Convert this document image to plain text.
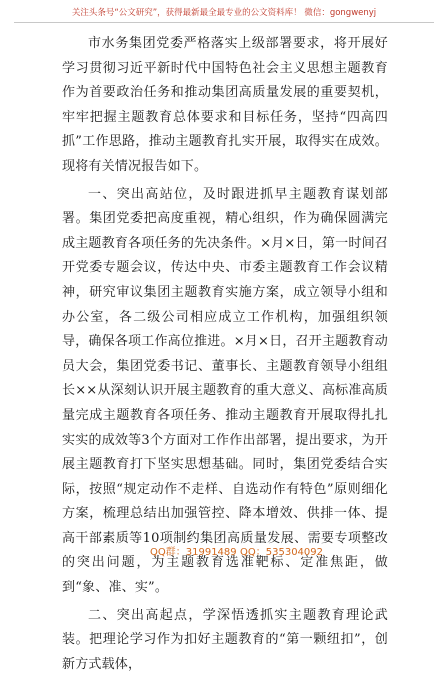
关注头条号“公文研究”，获得最新最全最专业的公文资料库！ 微信：gongwenyj

市水务集团党委严格落实上级部署要求，将开展好学习贯彻习近平新时代中国特色社会主义思想主题教育作为首要政治任务和推动集团高质量发展的重要契机，牢牢把握主题教育总体要求和目标任务，坚持“四高四抓”工作思路，推动主题教育扎实开展，取得实在成效。现将有关情况报告如下。

一、突出高站位，及时跟进抓早主题教育谋划部署。集团党委把高度重视，精心组织，作为确保圆满完成主题教育各项任务的先决条件。×月×日，第一时间召开党委专题会议，传达中央、市委主题教育工作会议精神，研究审议集团主题教育实施方案，成立领导小组和办公室，各二级公司相应成立工作机构，加强组织领导，确保各项工作高位推进。×月×日，召开主题教育动员大会，集团党委书记、董事长、主题教育领导小组组长××从深刻认识开展主题教育的重大意义、高标准高质量完成主题教育各项任务、推动主题教育开展取得扎扎实实的成效等3个方面对工作作出部署，提出要求，为开展主题教育打下坚实思想基础。同时，集团党委结合实际，按照“规定动作不走样、自选动作有特色”原则细化方案，梳理总结出加强管控、降本增效、供排一体、提高干部素质等10项制约集团高质量发展、需要专项整改的突出问题，为主题教育选准靶标、定准焦距，做到“象、准、实”。

二、突出高起点，学深悟透抓实主题教育理论武装。把理论学习作为扣好主题教育的“第一颗纽扣”，创新方式载体，

QQ群：31991489 QQ：535304092
